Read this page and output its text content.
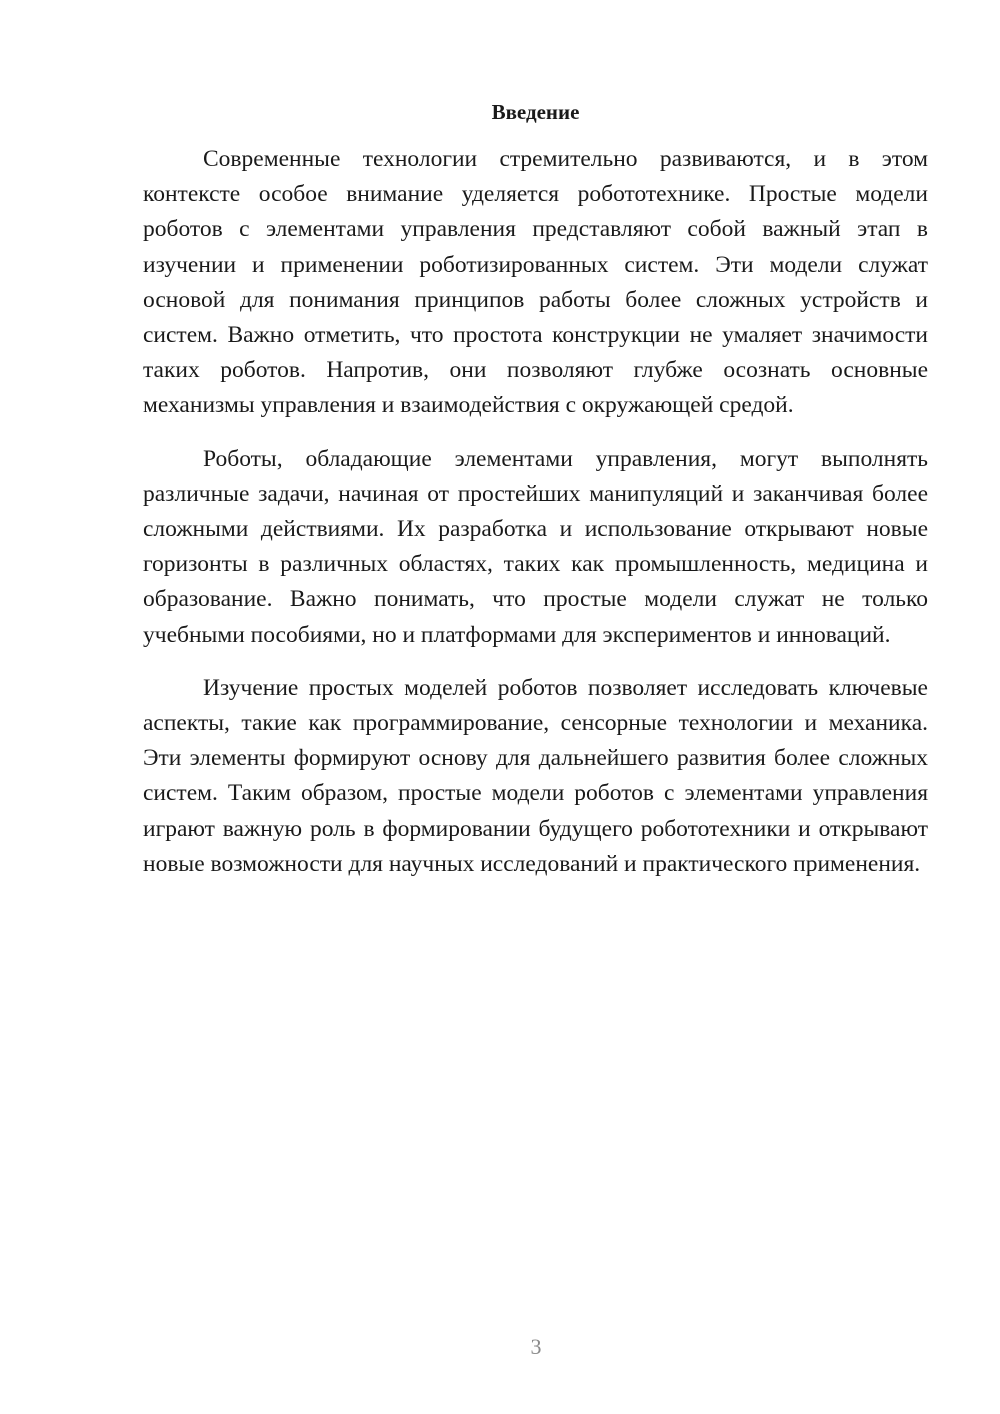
Введение

Современные технологии стремительно развиваются, и в этом контексте особое внимание уделяется робототехнике. Простые модели роботов с элементами управления представляют собой важный этап в изучении и применении роботизированных систем. Эти модели служат основой для понимания принципов работы более сложных устройств и систем. Важно отметить, что простота конструкции не умаляет значимости таких роботов. Напротив, они позволяют глубже осознать основные механизмы управления и взаимодействия с окружающей средой.

Роботы, обладающие элементами управления, могут выполнять различные задачи, начиная от простейших манипуляций и заканчивая более сложными действиями. Их разработка и использование открывают новые горизонты в различных областях, таких как промышленность, медицина и образование. Важно понимать, что простые модели служат не только учебными пособиями, но и платформами для экспериментов и инноваций.

Изучение простых моделей роботов позволяет исследовать ключевые аспекты, такие как программирование, сенсорные технологии и механика. Эти элементы формируют основу для дальнейшего развития более сложных систем. Таким образом, простые модели роботов с элементами управления играют важную роль в формировании будущего робототехники и открывают новые возможности для научных исследований и практического применения.

3
